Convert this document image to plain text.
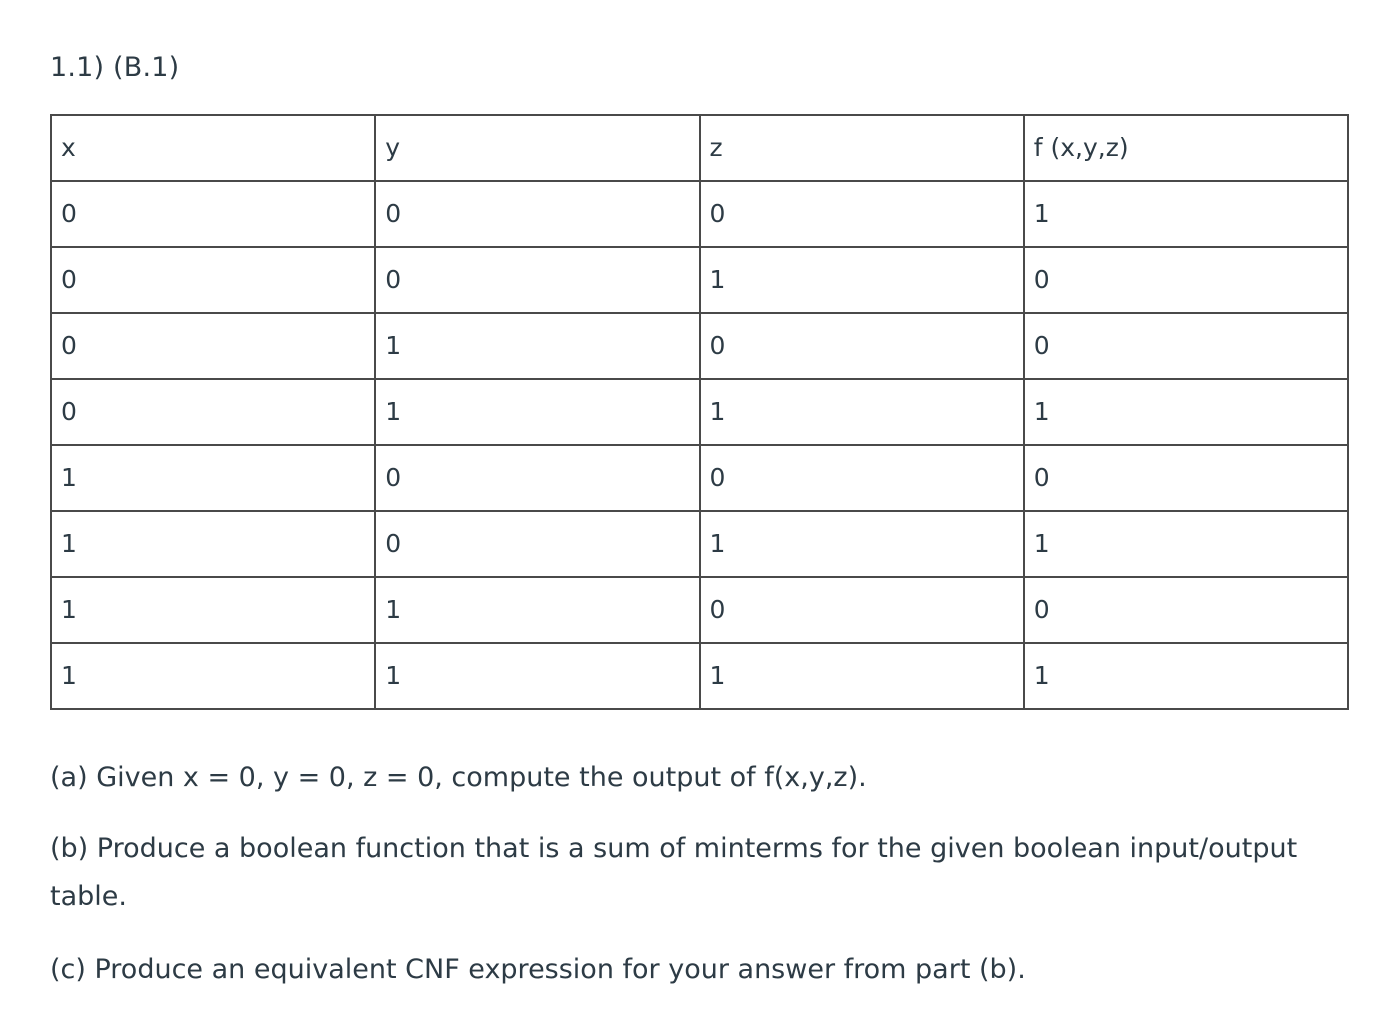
1.1) (B.1)
x	y	z	f (x,y,z)
0	0	0	1
0	0	1	0
0	1	0	0
0	1	1	1
1	0	0	0
1	0	1	1
1	1	0	0
1	1	1	1

(a) Given x = 0, y = 0, z = 0, compute the output of f(x,y,z).

(b) Produce a boolean function that is a sum of minterms for the given boolean input/output table.

(c) Produce an equivalent CNF expression for your answer from part (b).
